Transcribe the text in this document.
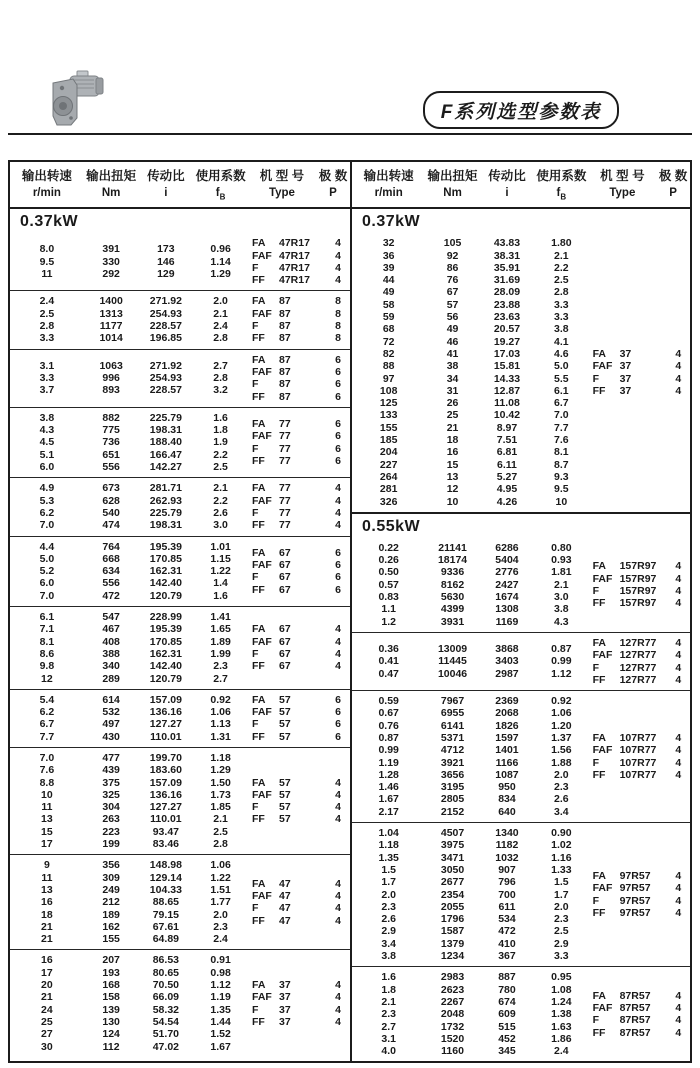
F系列选型参数表
输出转速	输出扭矩 传动比 使用系数	机 型 号	极 数
r/min	Nm	i	$f_B$	Type	P
0.37kW
8.0	391	173	0.96
9.5	330	146	1.14
11	292	129	1.29
FA	47R17	4
FAF 47R17	4
F	47R17	4
FF	47R17	4
2.4	1400	271.92	2.0
2.5	1313	254.93	2.1
2.8	1177	228.57	2.4
3.3	1014	196.85	2.8
FA	87	8
FAF 87	8
F	87	8
FF	87	8
3.1	1063	271.92	2.7
3.3	996	254.93	2.8
3.7	893	228.57	3.2
FA	87	6
FAF 87	6
F	87	6
FF	87	6
3.8	882	225.79	1.6
4.3	775	198.31	1.8
4.5	736	188.40	1.9
5.1	651	166.47	2.2
6.0	556	142.27	2.5
FA	77	6
FAF 77	6
F	77	6
FF	77	6
4.9	673	281.71	2.1
5.3	628	262.93	2.2
6.2	540	225.79	2.6
7.0	474	198.31	3.0
FA	77	4
FAF 77	4
F	77	4
FF	77	4
4.4	764	195.39	1.01
5.0	668	170.85	1.15
5.2	634	162.31	1.22
6.0	556	142.40	1.4
7.0	472	120.79	1.6
FA	67	6
FAF 67	6
F	67	6
FF	67	6
6.1	547	228.99	1.41
7.1	467	195.39	1.65
8.1	408	170.85	1.89
8.6	388	162.31	1.99
9.8	340	142.40	2.3
12	289	120.79	2.7
FA	67	4
FAF 67	4
F	67	4
FF	67	4
5.4	614	157.09	0.92
6.2	532	136.16	1.06
6.7	497	127.27	1.13
7.7	430	110.01	1.31
FA	57	6
FAF 57	6
F	57	6
FF	57	6
7.0	477	199.70	1.18
7.6	439	183.60	1.29
8.8	375	157.09	1.50
10	325	136.16	1.73
11	304	127.27	1.85
13	263	110.01	2.1
15	223	93.47	2.5
17	199	83.46	2.8
FA	57	4
FAF 57	4
F	57	4
FF	57	4
9	356	148.98	1.06
11	309	129.14	1.22
13	249	104.33	1.51
16	212	88.65	1.77
18	189	79.15	2.0
21	162	67.61	2.3
21	155	64.89	2.4
FA	47	4
FAF 47	4
F	47	4
FF	47	4
16	207	86.53	0.91
17	193	80.65	0.98
20	168	70.50	1.12
21	158	66.09	1.19
24	139	58.32	1.35
25	130	54.54	1.44
27	124	51.70	1.52
30	112	47.02	1.67
FA	37	4
FAF 37	4
F	37	4
FF	37	4
输出转速	输出扭矩 传动比 使用系数	机 型 号	极 数
r/min	Nm	i	$f_B$	Type	P
0.37kW
32	105	43.83	1.80
36	92	38.31	2.1
39	86	35.91	2.2
44	76	31.69	2.5
49	67	28.09	2.8
58	57	23.88	3.3
59	56	23.63	3.3
68	49	20.57	3.8
72	46	19.27	4.1
82	41	17.03	4.6
88	38	15.81	5.0
97	34	14.33	5.5
108	31	12.87	6.1
125	26	11.08	6.7
133	25	10.42	7.0
155	21	8.97	7.7
185	18	7.51	7.6
204	16	6.81	8.1
227	15	6.11	8.7
264	13	5.27	9.3
281	12	4.95	9.5
326	10	4.26	10
FA	37	4
FAF 37	4
F	37	4
FF	37	4
0.55kW
0.22	21141	6286	0.80
0.26	18174	5404	0.93
0.50	9336	2776	1.81
0.57	8162	2427	2.1
0.83	5630	1674	3.0
1.1	4399	1308	3.8
1.2	3931	1169	4.3
FA	157R97	4
FAF 157R97	4
F	157R97	4
FF	157R97	4
0.36	13009	3868	0.87
0.41	11445	3403	0.99
0.47	10046	2987	1.12
FA	127R77	4
FAF 127R77	4
F	127R77	4
FF	127R77	4
0.59	7967	2369	0.92
0.67	6955	2068	1.06
0.76	6141	1826	1.20
0.87	5371	1597	1.37
0.99	4712	1401	1.56
1.19	3921	1166	1.88
1.28	3656	1087	2.0
1.46	3195	950	2.3
1.67	2805	834	2.6
2.17	2152	640	3.4
FA	107R77	4
FAF 107R77	4
F	107R77	4
FF	107R77	4
1.04	4507	1340	0.90
1.18	3975	1182	1.02
1.35	3471	1032	1.16
1.5	3050	907	1.33
1.7	2677	796	1.5
2.0	2354	700	1.7
2.3	2055	611	2.0
2.6	1796	534	2.3
2.9	1587	472	2.5
3.4	1379	410	2.9
3.8	1234	367	3.3
FA	97R57	4
FAF 97R57	4
F	97R57	4
FF	97R57	4
1.6	2983	887	0.95
1.8	2623	780	1.08
2.1	2267	674	1.24
2.3	2048	609	1.38
2.7	1732	515	1.63
3.1	1520	452	1.86
4.0	1160	345	2.4
FA	87R57	4
FAF 87R57	4
F	87R57	4
FF	87R57	4
